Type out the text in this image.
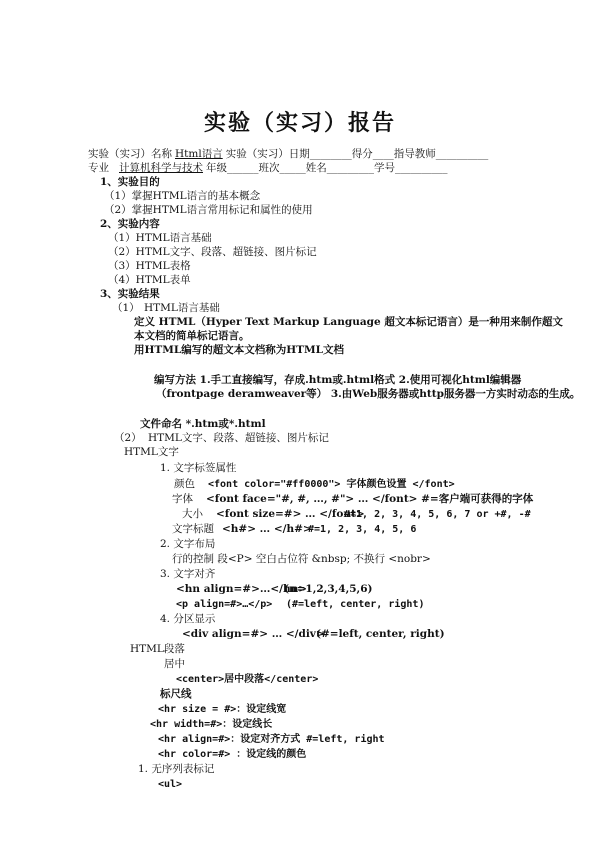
实验（实习）报告
实验（实习）名称 Html语言 实验（实习）日期________得分____指导教师__________
专业 计算机科学与技术 年级______班次_____姓名_________学号__________
1、实验目的
（1）掌握HTML语言的基本概念
（2）掌握HTML语言常用标记和属性的使用
2、实验内容
（1）HTML语言基础
（2）HTML文字、段落、超链接、图片标记
（3）HTML表格
（4）HTML表单
3、实验结果
（1） HTML语言基础
定义 HTML（Hyper Text Markup Language 超文本标记语言）是一种用来制作超文
本文档的简单标记语言。
用HTML编写的超文本文档称为HTML文档
编写方法 1.手工直接编写，存成.htm或.html格式 2.使用可视化html编辑器
（frontpage deramweaver等） 3.由Web服务器或http服务器一方实时动态的生成。
文件命名 *.htm或*.html
（2） HTML文字、段落、超链接、图片标记
HTML文字
1. 文字标签属性
颜色 <font color="#ff0000"> 字体颜色设置 </font>
字体 <font face="#, #, …, #"> … </font> #=客户端可获得的字体
大小 <font size=#> … </font>
#=1, 2, 3, 4, 5, 6, 7 or +#, -#
文字标题 <h#> … </h#>
#=1, 2, 3, 4, 5, 6
2. 文字布局
行的控制 段<P> 空白占位符 &nbsp; 不换行 <nobr>
3. 文字对齐
<hn align=#>…</hn>
(n=1,2,3,4,5,6)
<p align=#>…</p> (#=left, center, right)
4. 分区显示
<div align=#> … </div>
(#=left, center, right)
HTML段落
居中
<center>居中段落</center>
标尺线
<hr size = #>：设定线宽
<hr width=#>：设定线长
<hr align=#>：设定对齐方式 #=left, right
<hr color=#> ：设定线的颜色
1. 无序列表标记
<ul>
